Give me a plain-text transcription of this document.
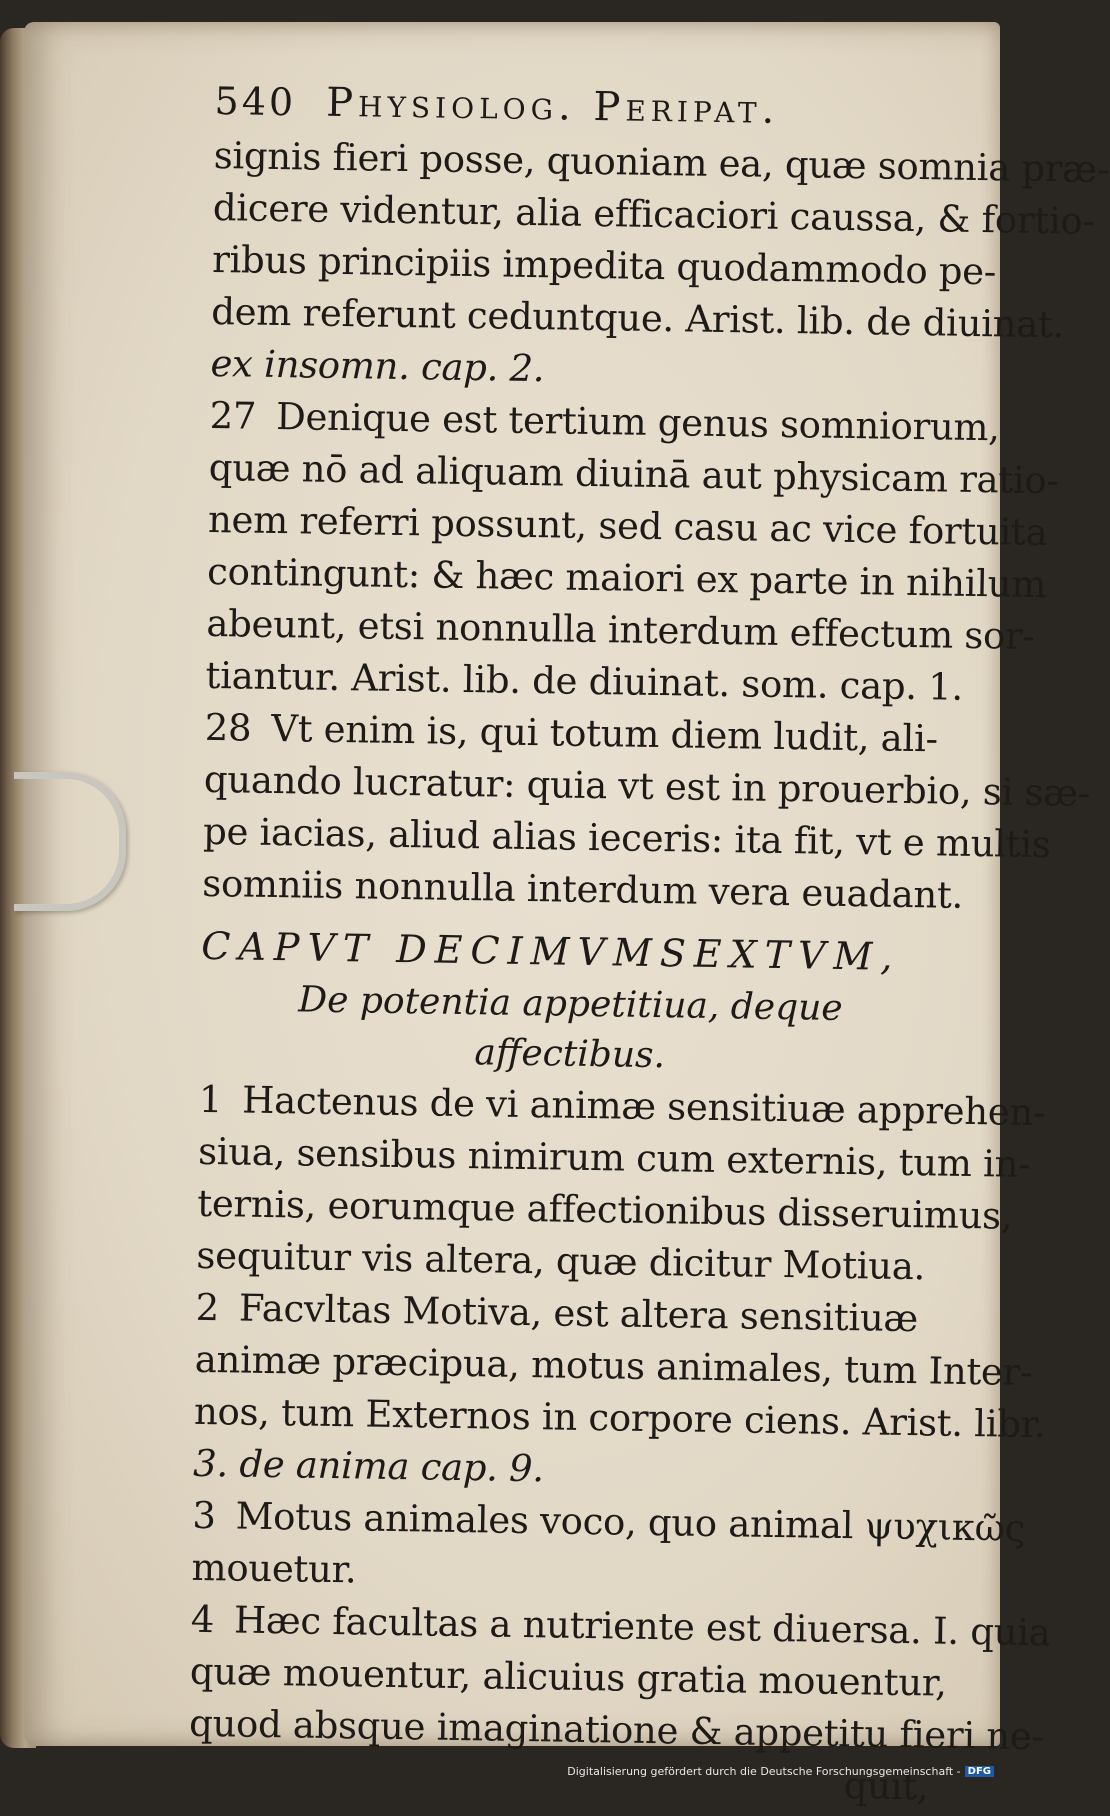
540 Physiolog. Peripat.
signis fieri posse, quoniam ea, quæ somnia præ-
dicere videntur, alia efficaciori caussa, & fortio-
ribus principiis impedita quodammodo pe-
dem referunt ceduntque. Arist. lib. de diuinat.
ex insomn. cap. 2.
27 Denique est tertium genus somniorum,
quæ nō ad aliquam diuinā aut physicam ratio-
nem referri possunt, sed casu ac vice fortuita
contingunt: & hæc maiori ex parte in nihilum
abeunt, etsi nonnulla interdum effectum sor-
tiantur. Arist. lib. de diuinat. som. cap. 1.
28 Vt enim is, qui totum diem ludit, ali-
quando lucratur: quia vt est in prouerbio, si sæ-
pe iacias, aliud alias ieceris: ita fit, vt e multis
somniis nonnulla interdum vera euadant.
CAPVT DECIMVMSEXTVM,
De potentia appetitiua, deque
affectibus.
1 Hactenus de vi animæ sensitiuæ apprehen-
siua, sensibus nimirum cum externis, tum in-
ternis, eorumque affectionibus disseruimus,
sequitur vis altera, quæ dicitur Motiua.
2 Facvltas Motiva, est altera sensitiuæ
animæ præcipua, motus animales, tum Inter-
nos, tum Externos in corpore ciens. Arist. libr.
3. de anima cap. 9.
3 Motus animales voco, quo animal ψυχικῶς
mouetur.
4 Hæc facultas a nutriente est diuersa. I. quia
quæ mouentur, alicuius gratia mouentur,
quod absque imaginatione & appetitu fieri ne-
quit,
Digitalisierung gefördert durch die Deutsche Forschungsgemeinschaft - DFG
